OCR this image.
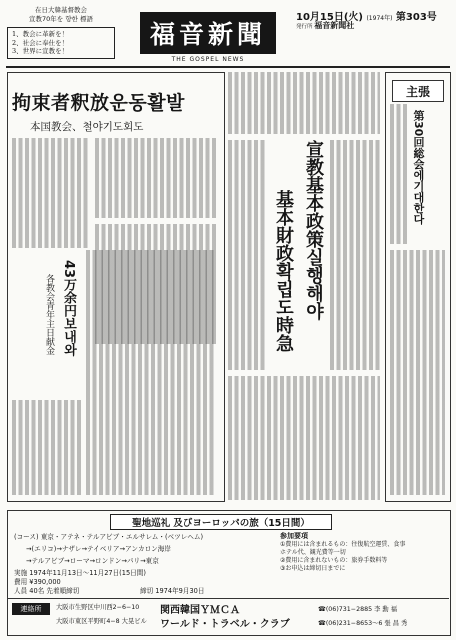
在日大韓基督教会
宣教70年を 향한 標語
1、教会に革新を！
2、社会に奉仕を！
3、世界に宣教を！
福音新聞
THE GOSPEL NEWS
10月15日(火) (1974年) 第303号
発行所 福音新聞社
拘束者釈放운동활발
本国教会、철야기도회도
43万余円보내와
各教会青年主日献金	宣教基本政策실행해야
基本財政확립도時急
主張
第30回総会에기대한다
聖地巡礼 及びヨーロッパの旅（15日間）
(コース) 東京・アテネ・テルアビブ・エルサレム・(ベツレヘム)
→(エリコ)→ナザレ→テイベリア→アンカロン海岸
→テルアビブ→ローマ→ロンドン→パリ→東京
実施 1974年11月13日〜11月27日(15日間)
費用 ¥390,000
人員 40名 先着順締切	締切 1974年9月30日
参加要項
①費用には含まれるもの：往復航空運賃、食事
ホテル代、観光費等一切
②費用に含まれないもの：旅券手数料等
③お申込は締切日までに
連絡所	大阪市生野区中川西2−6−10 関西韓国ＹＭＣＡ	☎(06)731−2885 李 勳 福
大阪市東区平野町4−8 大晃ビル ワールド・トラベル・クラブ	☎(06)231−8653〜6 張 昌 秀
